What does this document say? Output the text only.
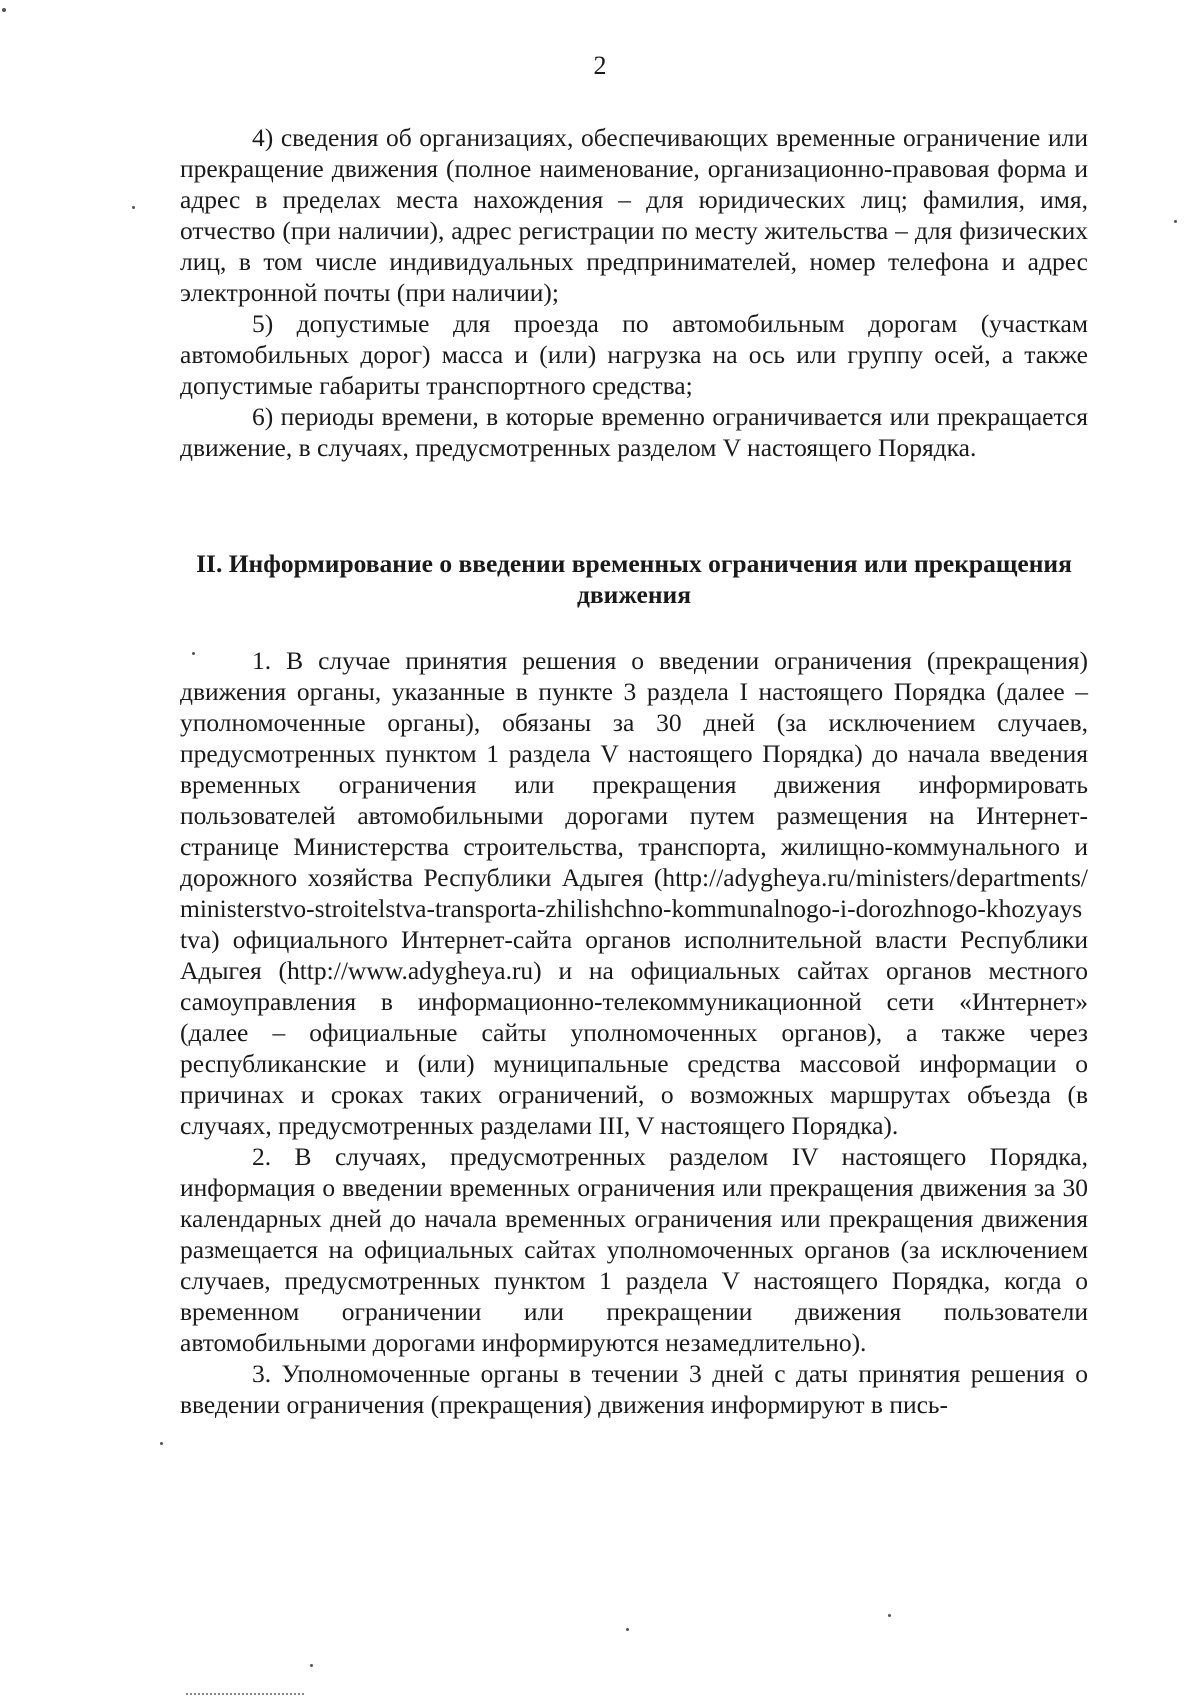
2

4) сведения об организациях, обеспечивающих временные ограничение или прекращение движения (полное наименование, организационно-правовая форма и адрес в пределах места нахождения – для юридических лиц; фамилия, имя, отчество (при наличии), адрес регистрации по месту жительства – для физических лиц, в том числе индивидуальных предпринимателей, номер телефона и адрес электронной почты (при наличии);

5) допустимые для проезда по автомобильным дорогам (участкам автомобильных дорог) масса и (или) нагрузка на ось или группу осей, а также допустимые габариты транспортного средства;

6) периоды времени, в которые временно ограничивается или прекращается движение, в случаях, предусмотренных разделом V настоящего Порядка.

II. Информирование о введении временных ограничения или прекращения движения

1. В случае принятия решения о введении ограничения (прекращения) движения органы, указанные в пункте 3 раздела I настоящего Порядка (далее – уполномоченные органы), обязаны за 30 дней (за исключением случаев, предусмотренных пунктом 1 раздела V настоящего Порядка) до начала введения временных ограничения или прекращения движения информировать пользователей автомобильными дорогами путем размещения на Интернет-странице Министерства строительства, транспорта, жилищно-коммунального и дорожного хозяйства Республики Адыгея (http://adygheya.ru/ministers/departments/ministerstvo-stroitelstva-transporta-zhilishchno-kommunalnogo-i-dorozhnogo-khozyaystva) официального Интернет-сайта органов исполнительной власти Республики Адыгея (http://www.adygheya.ru) и на официальных сайтах органов местного самоуправления в информационно-телекоммуникационной сети «Интернет» (далее – официальные сайты уполномоченных органов), а также через республиканские и (или) муниципальные средства массовой информации о причинах и сроках таких ограничений, о возможных маршрутах объезда (в случаях, предусмотренных разделами III, V настоящего Порядка).

2. В случаях, предусмотренных разделом IV настоящего Порядка, информация о введении временных ограничения или прекращения движения за 30 календарных дней до начала временных ограничения или прекращения движения размещается на официальных сайтах уполномоченных органов (за исключением случаев, предусмотренных пунктом 1 раздела V настоящего Порядка, когда о временном ограничении или прекращении движения пользователи автомобильными дорогами информируются незамедлительно).

3. Уполномоченные органы в течении 3 дней с даты принятия решения о введении ограничения (прекращения) движения информируют в пись-
